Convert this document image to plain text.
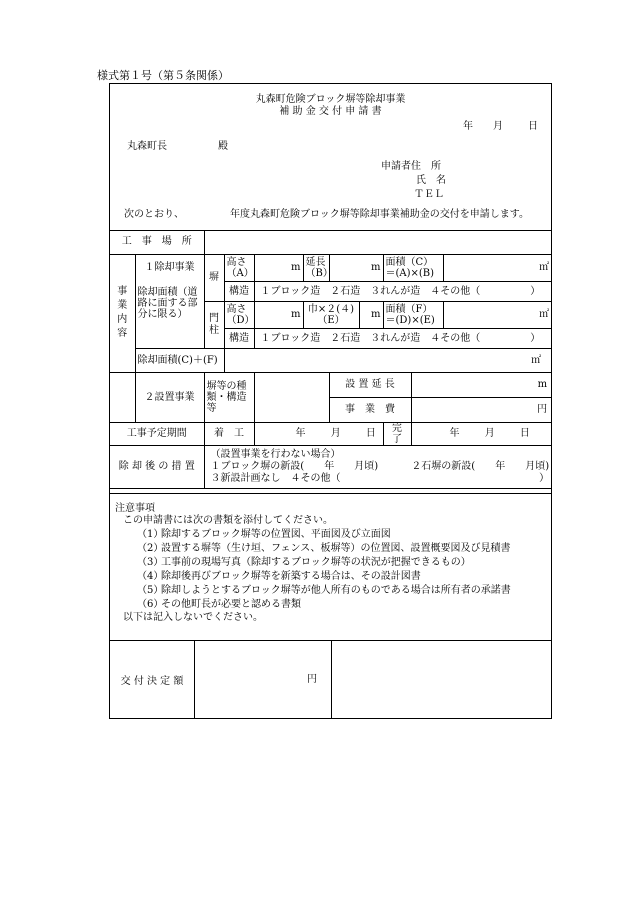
様式第１号（第５条関係）
丸森町危険ブロック塀等除却事業
補 助 金 交 付 申 請 書
年 月	日
丸森町長	殿
申請者住　所
氏　名
ＴＥＬ
次のとおり、	年度丸森町危険ブロック塀等除却事業補助金の交付を申請します。
工　事　場　所										
事業内容	１除却事業
除却面積（道路に面する部分に限る）	塀	高さ（A）	m	延長（B）	m		面積（C）＝(A)×(B)		㎡
			構造	１ブロック造　２石造　３れんが造　４その他（　　　　　）						
		門柱	高さ（D）	m	巾×２(４)（E）		m	面積（F）＝(D)×(E)		㎡
			構造	１ブロック造　２石造　３れんが造　４その他（　　　　　）						
	除却面積(C)＋(F)		㎡							
	２設置事業	塀等の種類・構造等				設 置 延 長			m	
						事　業　費			円	
工事予定期間		着　工		年 月 日				完　了	年 月 日	
除 却 後 の 措 置		（設置事業を行わない場合）
１ブロック塀の新設(　　年　　月頃) ２石塀の新設(　　年　　月頃)
３新設計画なし　４その他（ ）								
注意事項
この申請書には次の書類を添付してください。
（1）除却するブロック塀等の位置図、平面図及び立面図
（2）設置する塀等（生け垣、フェンス、板塀等）の位置図、設置概要図及び見積書
（3）工事前の現場写真（除却するブロック塀等の状況が把握できるもの）
（4）除却後再びブロック塀等を新築する場合は、その設計図書
（5）除却しようとするブロック塀等が他人所有のものである場合は所有者の承諾書
（6）その他町長が必要と認める書類
以下は記入しないでください。
交 付 決 定 額	円
